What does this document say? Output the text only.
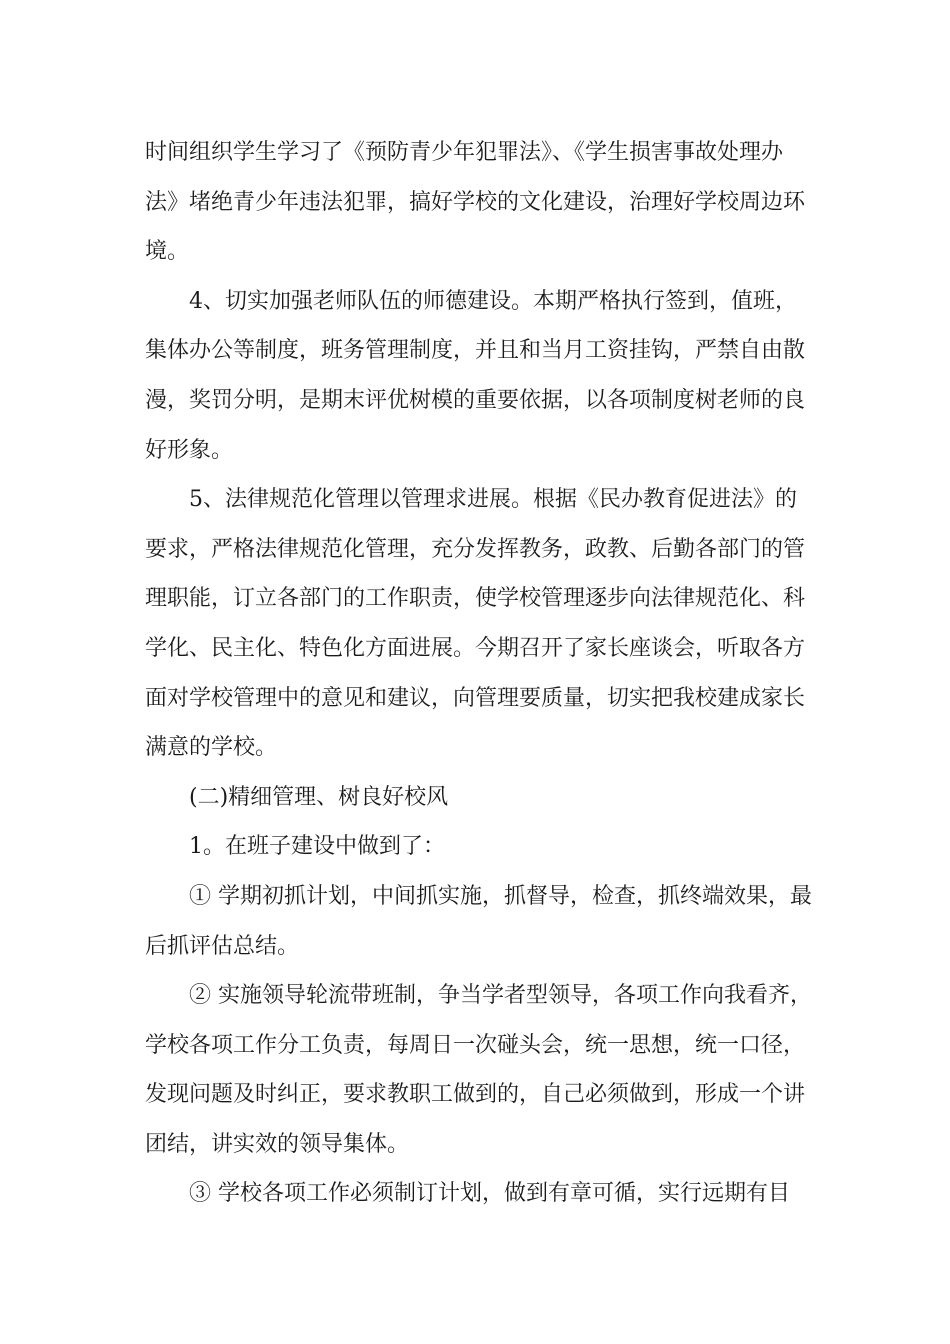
时间组织学生学习了《预防青少年犯罪法》、《学生损害事故处理办法》堵绝青少年违法犯罪，搞好学校的文化建设，治理好学校周边环境。

4、切实加强老师队伍的师德建设。本期严格执行签到，值班，集体办公等制度，班务管理制度，并且和当月工资挂钩，严禁自由散漫，奖罚分明，是期末评优树模的重要依据，以各项制度树老师的良好形象。

5、法律规范化管理以管理求进展。根据《民办教育促进法》的要求，严格法律规范化管理，充分发挥教务，政教、后勤各部门的管理职能，订立各部门的工作职责，使学校管理逐步向法律规范化、科学化、民主化、特色化方面进展。今期召开了家长座谈会，听取各方面对学校管理中的意见和建议，向管理要质量，切实把我校建成家长满意的学校。

(二)精细管理、树良好校风

1。在班子建设中做到了：

① 学期初抓计划，中间抓实施，抓督导，检查，抓终端效果，最后抓评估总结。

② 实施领导轮流带班制，争当学者型领导，各项工作向我看齐，学校各项工作分工负责，每周日一次碰头会，统一思想，统一口径，发现问题及时纠正，要求教职工做到的，自己必须做到，形成一个讲团结，讲实效的领导集体。

③ 学校各项工作必须制订计划，做到有章可循，实行远期有目
